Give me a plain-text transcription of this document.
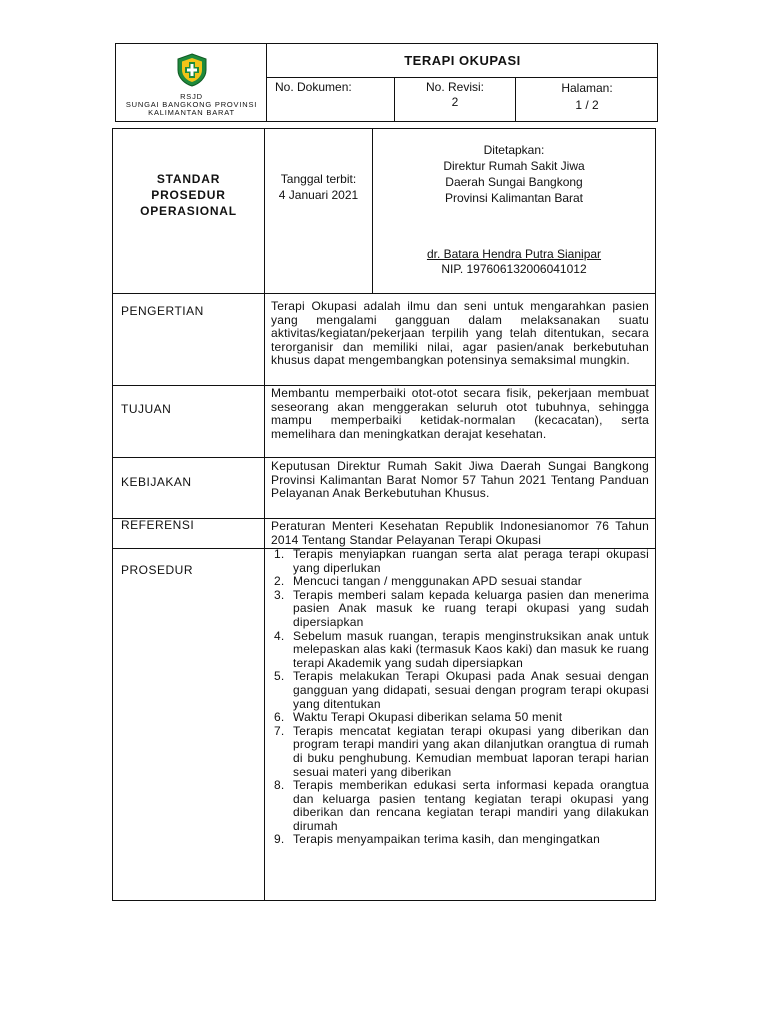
RSJD
SUNGAI BANGKONG PROVINSI
KALIMANTAN BARAT
TERAPI OKUPASI
No. Dokumen:	No. Revisi:
2
Halaman:
1 / 2
STANDAR
PROSEDUR
OPERASIONAL
Tanggal terbit:
4 Januari 2021
Ditetapkan:
Direktur Rumah Sakit Jiwa
Daerah Sungai Bangkong
Provinsi Kalimantan Barat
dr. Batara Hendra Putra Sianipar
NIP. 197606132006041012
PENGERTIAN
TUJUAN
KEBIJAKAN
REFERENSI
PROSEDUR
Terapi Okupasi adalah ilmu dan seni untuk mengarahkan pasien yang mengalami gangguan dalam melaksanakan suatu aktivitas/kegiatan/pekerjaan terpilih yang telah ditentukan, secara terorganisir dan memiliki nilai, agar pasien/anak berkebutuhan khusus dapat mengembangkan potensinya semaksimal mungkin.
Membantu memperbaiki otot-otot secara fisik, pekerjaan membuat seseorang akan menggerakan seluruh otot tubuhnya, sehingga mampu memperbaiki ketidak-normalan (kecacatan), serta memelihara dan meningkatkan derajat kesehatan.
Keputusan Direktur Rumah Sakit Jiwa Daerah Sungai Bangkong Provinsi Kalimantan Barat Nomor 57 Tahun 2021 Tentang Panduan Pelayanan Anak Berkebutuhan Khusus.
Peraturan Menteri Kesehatan Republik Indonesianomor 76 Tahun 2014 Tentang Standar Pelayanan Terapi Okupasi
1. Terapis menyiapkan ruangan serta alat peraga terapi okupasi yang diperlukan
2. Mencuci tangan / menggunakan APD sesuai standar
3. Terapis memberi salam kepada keluarga pasien dan menerima pasien Anak masuk ke ruang terapi okupasi yang sudah dipersiapkan
4. Sebelum masuk ruangan, terapis menginstruksikan anak untuk melepaskan alas kaki (termasuk Kaos kaki) dan masuk ke ruang terapi Akademik yang sudah dipersiapkan
5. Terapis melakukan Terapi Okupasi pada Anak sesuai dengan gangguan yang didapati, sesuai dengan program terapi okupasi yang ditentukan
6. Waktu Terapi Okupasi diberikan selama 50 menit
7. Terapis mencatat kegiatan terapi okupasi yang diberikan dan program terapi mandiri yang akan dilanjutkan orangtua di rumah di buku penghubung. Kemudian membuat laporan terapi harian sesuai materi yang diberikan
8. Terapis memberikan edukasi serta informasi kepada orangtua dan keluarga pasien tentang kegiatan terapi okupasi yang diberikan dan rencana kegiatan terapi mandiri yang dilakukan dirumah
9. Terapis menyampaikan terima kasih, dan mengingatkan
